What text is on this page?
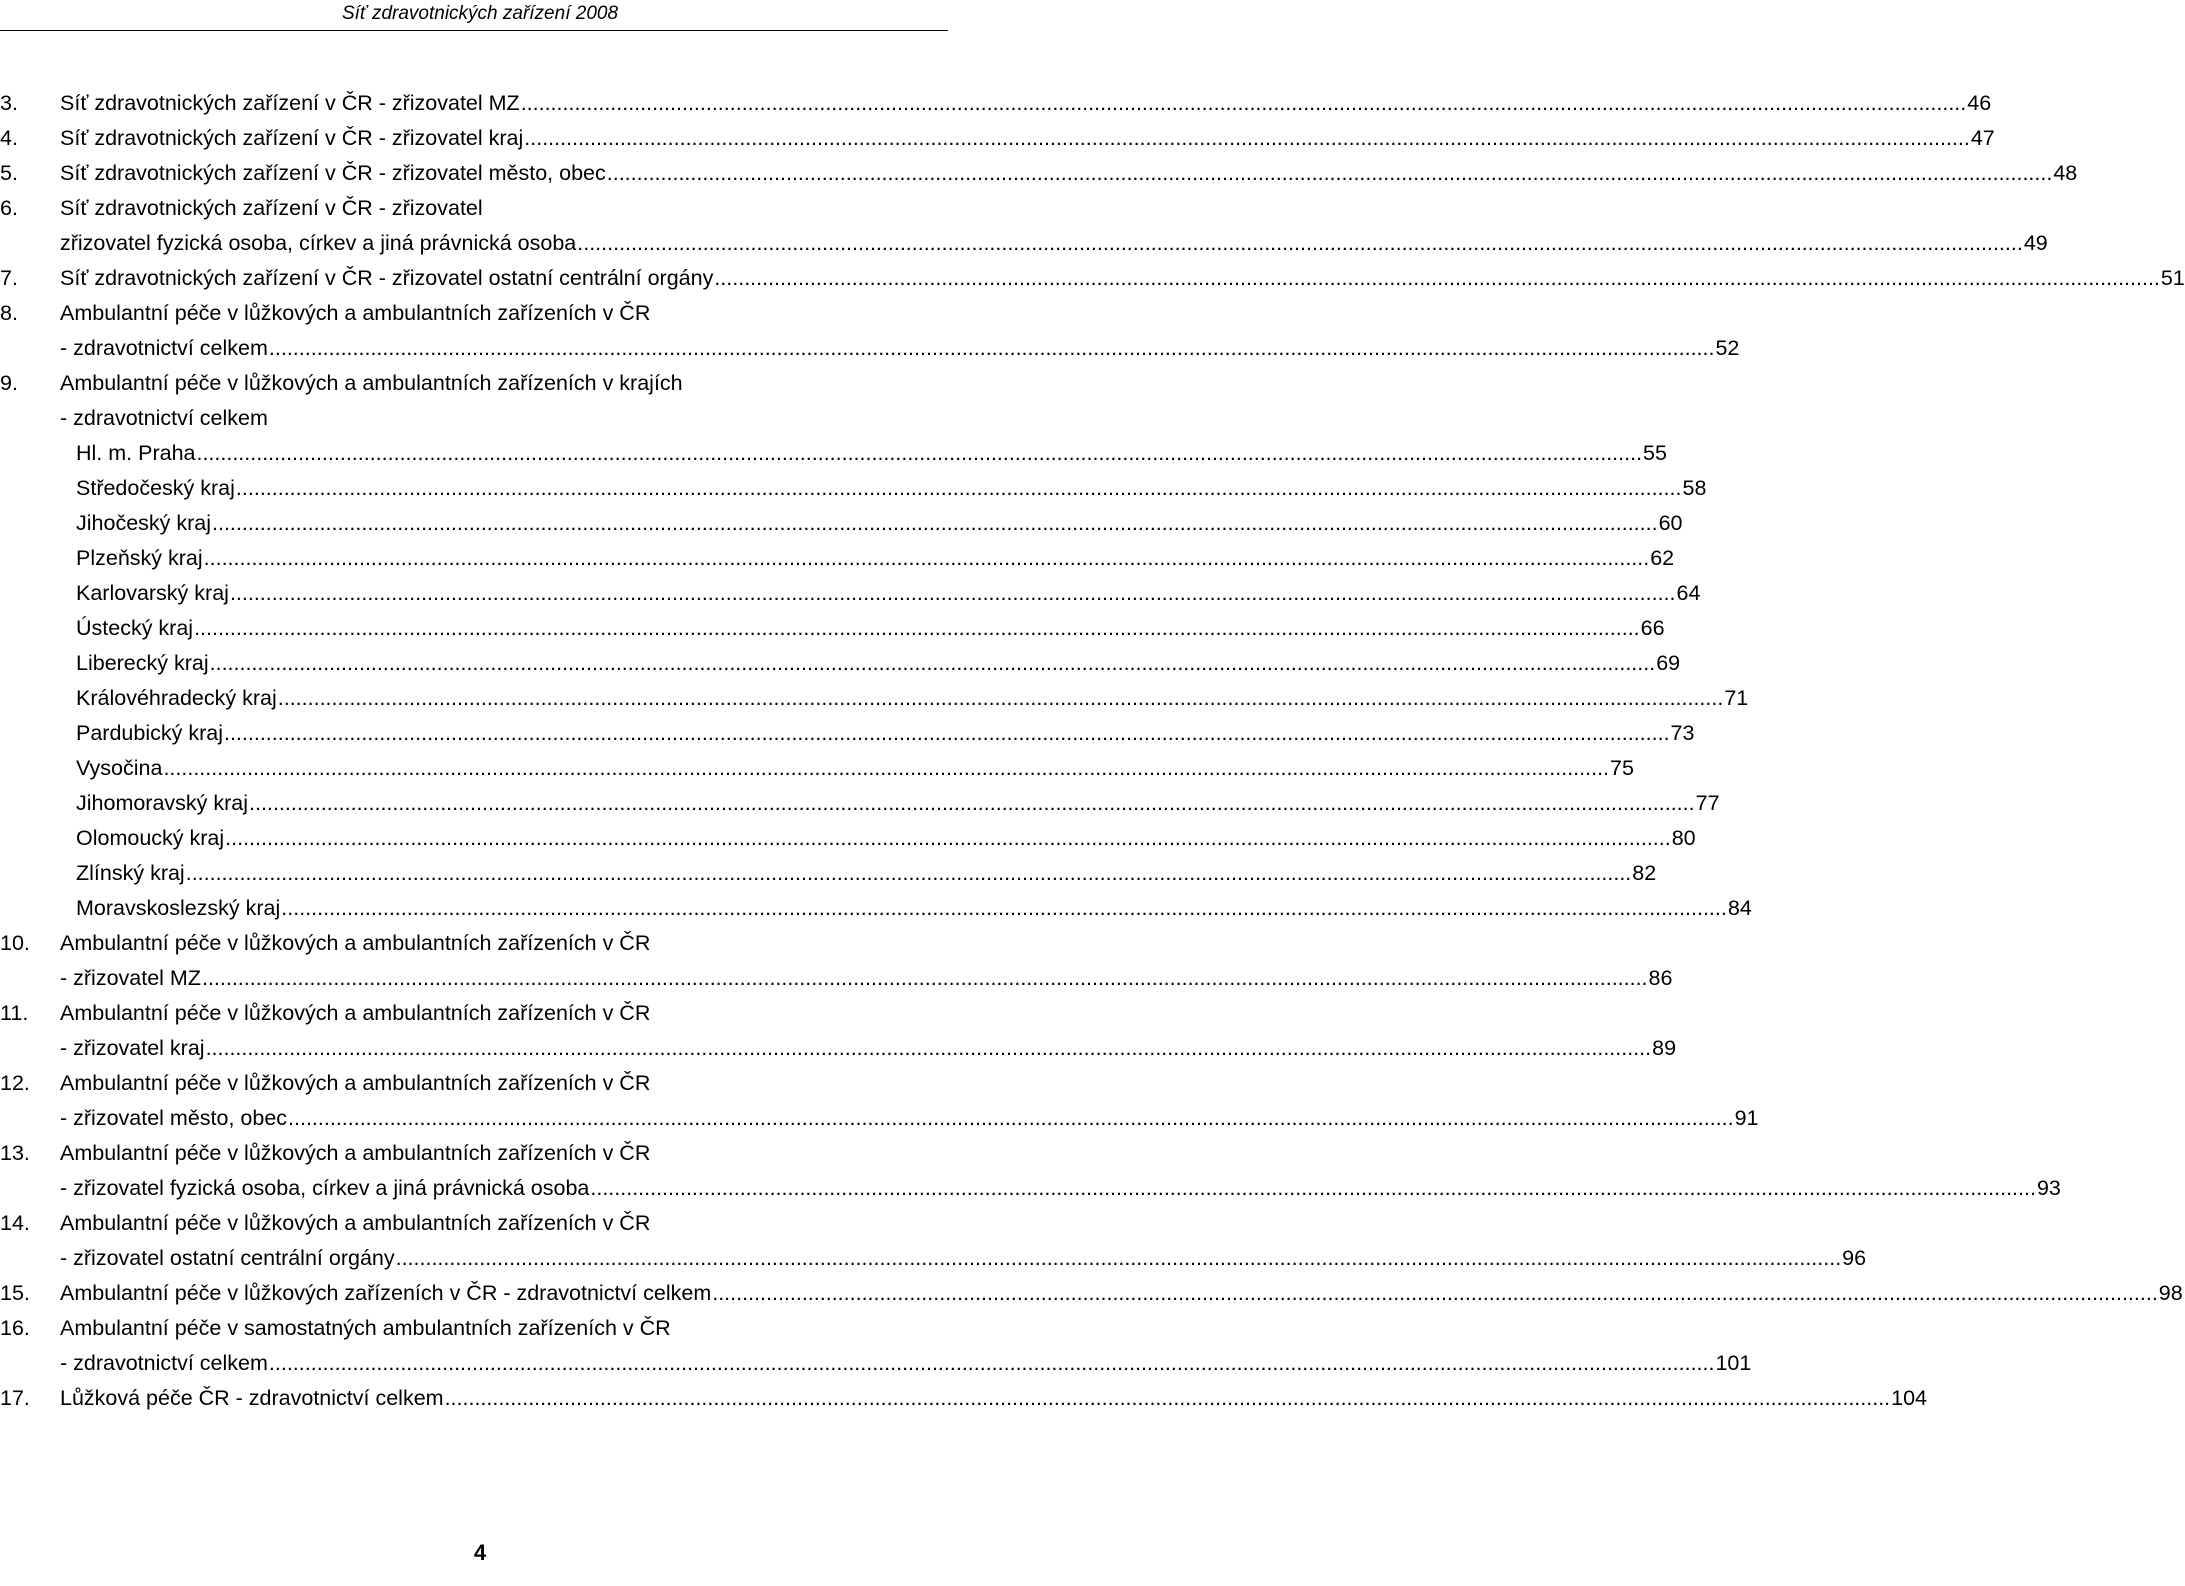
Síť zdravotnických zařízení 2008
3.	Síť zdravotnických zařízení v ČR - zřizovatel MZ .....	46
4.	Síť zdravotnických zařízení v ČR - zřizovatel kraj .....	47
5.	Síť zdravotnických zařízení v ČR - zřizovatel město, obec .....	48
6.	Síť zdravotnických zařízení v ČR - zřizovatel
zřizovatel fyzická osoba, církev a jiná právnická osoba .....	49
7.	Síť zdravotnických zařízení v ČR - zřizovatel ostatní centrální orgány .....	51
8.	Ambulantní péče v lůžkových a ambulantních zařízeních v ČR
- zdravotnictví celkem .....	52
9.	Ambulantní péče v lůžkových a ambulantních zařízeních v krajích
- zdravotnictví celkem
Hl. m. Praha .....	55
Středočeský kraj .....	58
Jihočeský kraj .....	60
Plzeňský kraj .....	62
Karlovarský kraj .....	64
Ústecký kraj .....	66
Liberecký kraj .....	69
Královéhradecký kraj .....	71
Pardubický kraj .....	73
Vysočina .....	75
Jihomoravský kraj .....	77
Olomoucký kraj .....	80
Zlínský kraj .....	82
Moravskoslezský kraj .....	84
10.	Ambulantní péče v lůžkových a ambulantních zařízeních v ČR
- zřizovatel MZ .....	86
11.	Ambulantní péče v lůžkových a ambulantních zařízeních v ČR
- zřizovatel kraj .....	89
12.	Ambulantní péče v lůžkových a ambulantních zařízeních v ČR
- zřizovatel město, obec .....	91
13.	Ambulantní péče v lůžkových a ambulantních zařízeních v ČR
- zřizovatel fyzická osoba, církev a jiná právnická osoba .....	93
14.	Ambulantní péče v lůžkových a ambulantních zařízeních v ČR
- zřizovatel ostatní centrální orgány .....	96
15.	Ambulantní péče v lůžkových zařízeních v ČR - zdravotnictví celkem .....	98
16.	Ambulantní péče v samostatných ambulantních zařízeních v ČR
- zdravotnictví celkem .....	101
17.	Lůžková péče ČR - zdravotnictví celkem .....	104
4
